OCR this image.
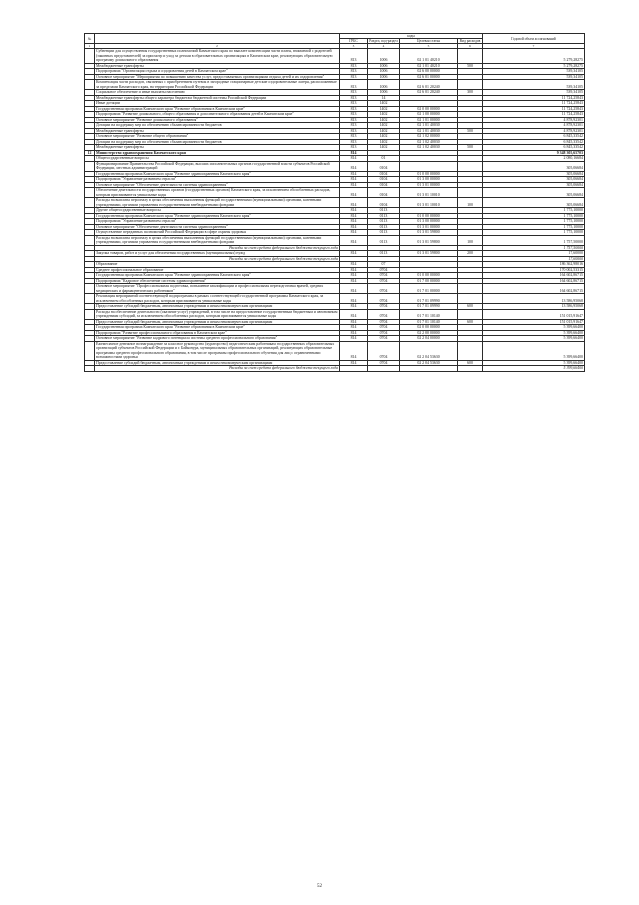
№		коды				Годовой объем ассигнований
		ГРБС	Раздел, под-раздел	Целевая статья	Вид расходов	
1	2	3	4	5	6	7
	Субвенции для осуществления государственных полномочий Камчатского края по выплате компенсации части платы, взимаемой с родителей (законных представителей) за присмотр и уход за детьми в образовательных организациях в Камчатском крае, реализующих образовательную программу дошкольного образования	813	1006	02 1 01 40210		5 279,28275
	Межбюджетные трансферты	813	1006	02 1 01 40210	500	5 279,28275
	Подпрограмма "Организация отдыха и оздоровления детей в Камчатском крае"	813	1006	02 6 00 00000		539,34105
	Основное мероприятие "Мероприятия по повышению качества услуг, предоставляемых организациями отдыха детей и их оздоровления"	813	1006	02 6 01 00000		539,34105
	Компенсация части расходов, связанных с приобретением путевок в загородные стационарные детские оздоровительные лагеря, расположенные за пределами Камчатского края, на территории Российской Федерации	813	1006	02 6 01 20240		539,34105
	Социальное обеспечение и иные выплаты населению	813	1006	02 6 01 20240	300	539,34105
	Межбюджетные трансферты общего характера бюджетам бюджетной системы Российской Федерации	813	14			11 724,25843
	Иные дотации	813	1402			11 724,25843
	Государственная программа Камчатского края "Развитие образования в Камчатском крае"	813	1402	02 0 00 00000		11 724,25843
	Подпрограмма "Развитие дошкольного, общего образования и дополнительного образования детей в Камчатском крае"	813	1402	02 1 00 00000		11 724,25843
	Основное мероприятие "Развитие дошкольного образования"	813	1402	02 1 01 00000		4 878,92301
	Дотации на поддержку мер по обеспечению сбалансированности бюджетов	813	1402	02 1 01 40030		4 878,92301
	Межбюджетные трансферты	813	1402	02 1 01 40030	500	4 878,92301
	Основное мероприятие "Развитие общего образования"	813	1402	02 1 02 00000		6 845,33542
	Дотации на поддержку мер по обеспечению сбалансированности бюджетов	813	1402	02 1 02 40030		6 845,33542
	Межбюджетные трансферты	813	1402	02 1 02 40030	500	6 845,33542
12	Министерство здравоохранения Камчатского края	814				9 348 305,65703
	Общегосударственные вопросы	814	01			2 080,16684
	Функционирование Правительства Российской Федерации, высших исполнительных органов государственной власти субъектов Российской Федерации, местных администраций	814	0104			305,06684
	Государственная программа Камчатского края "Развитие здравоохранения Камчатского края"	814	0104	01 0 00 00000		305,06684
	Подпрограмма "Управление развитием отрасли"	814	0104	01 3 00 00000		305,06684
	Основное мероприятие "Обеспечение деятельности системы здравоохранения"	814	0104	01 3 01 00000		305,06684
	Обеспечение деятельности государственных органов (государственных органов) Камчатского края, за исключением обособленных расходов, которым присваиваются уникальные коды	814	0104	01 3 01 10010		305,06684
	Расходы на выплаты персоналу в целях обеспечения выполнения функций государственными (муниципальными) органами, казенными учреждениями, органами управления государственными внебюджетными фондами	814	0104	01 3 01 10010	100	305,06684
	Другие общегосударственные вопросы	814	0113			1 775,10000
	Государственная программа Камчатского края "Развитие здравоохранения Камчатского края"	814	0113	01 0 00 00000		1 775,10000
	Подпрограмма "Управление развитием отрасли"	814	0113	01 3 00 00000		1 775,10000
	Основное мероприятие "Обеспечение деятельности системы здравоохранения"	814	0113	01 3 01 00000		1 775,10000
	Осуществление переданных полномочий Российской Федерации в сфере охраны здоровья	814	0113	01 3 01 59800		1 775,10000
	Расходы на выплаты персоналу в целях обеспечения выполнения функций государственными (муниципальными) органами, казенными учреждениями, органами управления государственными внебюджетными фондами	814	0113	01 3 01 59800	100	1 757,50000
	Расходы за счет средств федерального бюджета текущего года					1 757,50000
	Закупка товаров, работ и услуг для обеспечения государственных (муниципальных) нужд	814	0113	01 3 01 59800	200	17,60000
	Расходы за счет средств федерального бюджета текущего года					17,60000
	Образование	814	07			186 362,98016
	Среднее профессиональное образование	814	0704			170 002,53315
	Государственная программа Камчатского края "Развитие здравоохранения Камчатского края"	814	0704	01 0 00 00000		164 602,86715
	Подпрограмма "Кадровое обеспечение системы здравоохранения"	814	0704	01 7 00 00000		164 602,86715
	Основное мероприятие "Профессиональная подготовка, повышение квалификации и профессиональная переподготовка врачей, средних медицинских и фармацевтических работников"	814	0704	01 7 01 00000		164 602,86715
	Реализация мероприятий соответствующей подпрограммы в рамках соответствующей государственной программы Камчатского края, за исключением обособленных расходов, которым присваиваются уникальные коды	814	0704	01 7 01 09990		13 586,95068
	Предоставление субсидий бюджетным, автономным учреждениям и иным некоммерческим организациям	814	0704	01 7 01 09990	600	13 586,95068
	Расходы на обеспечение деятельности (оказание услуг) учреждений, в том числе на предоставление государственным бюджетным и автономным учреждениям субсидий, за исключением обособленных расходов, которым присваиваются уникальные коды	814	0704	01 7 01 10140		151 015,91647
	Предоставление субсидий бюджетным, автономным учреждениям и иным некоммерческим организациям	814	0704	01 7 01 10140	600	151 015,91647
	Государственная программа Камчатского края "Развитие образования в Камчатском крае"	814	0704	02 0 00 00000		5 399,66400
	Подпрограмма "Развитие профессионального образования в Камчатском крае"	814	0704	02 2 00 00000		5 399,66400
	Основное мероприятие "Развитие кадрового потенциала системы среднего профессионального образования"	814	0704	02 2 04 00000		5 399,66400
	Ежемесячное денежное вознаграждение за классное руководство (кураторство) педагогическим работникам государственных образовательных организаций субъектов Российской Федерации и г. Байконура, муниципальных образовательных организаций, реализующих образовательные программы среднего профессионального образования, в том числе программы профессионального обучения для лиц с ограниченными возможностями здоровья	814	0704	02 2 04 53630		5 399,66400
	Предоставление субсидий бюджетным, автономным учреждениям и иным некоммерческим организациям	814	0704	02 2 04 53630	600	5 399,66400
	Расходы за счет средств федерального бюджета текущего года					5 399,66400
52
